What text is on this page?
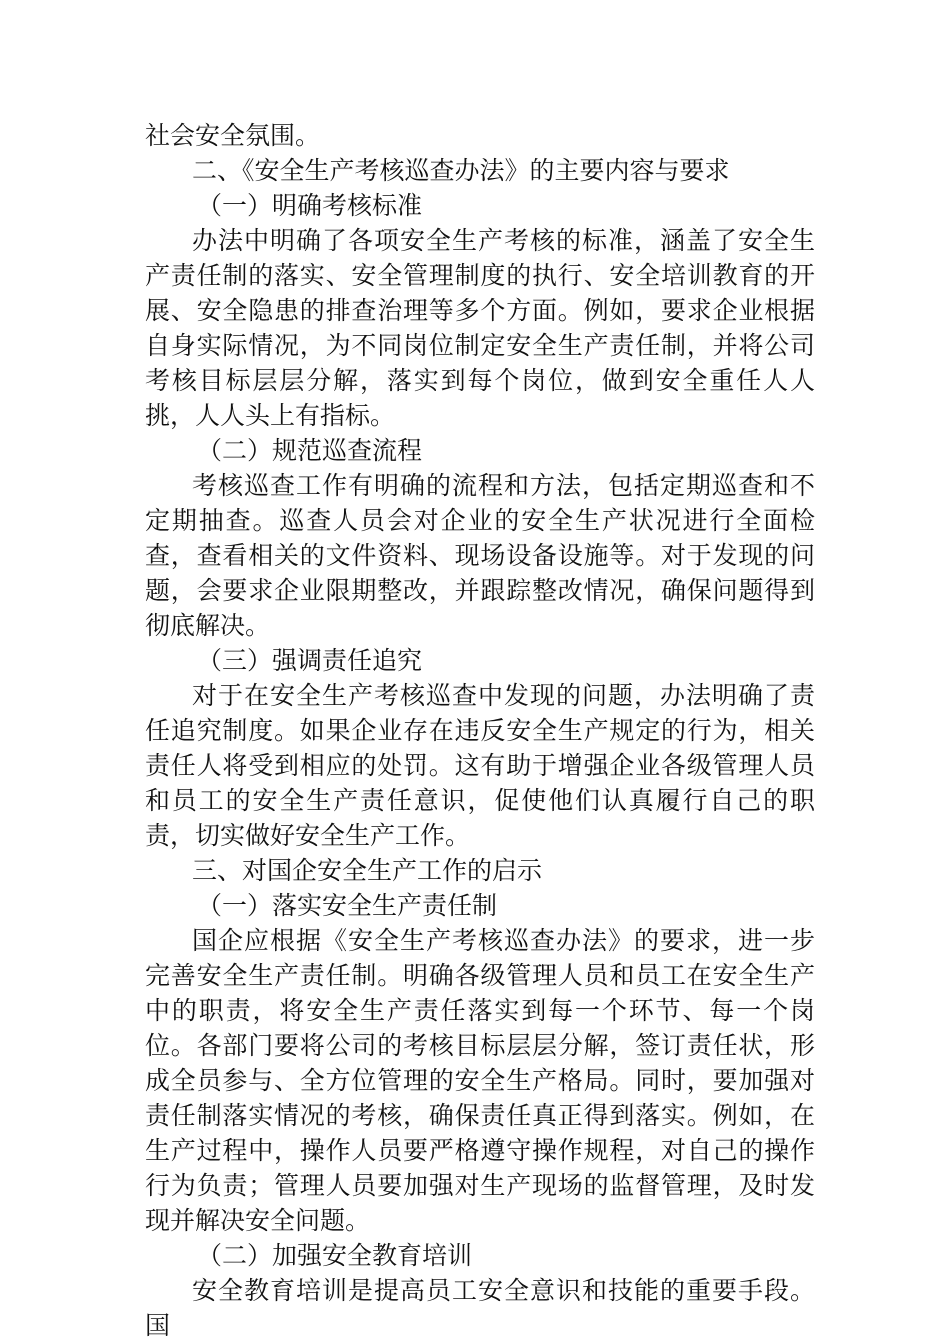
社会安全氛围。

二、《安全生产考核巡查办法》的主要内容与要求

（一）明确考核标准

办法中明确了各项安全生产考核的标准，涵盖了安全生产责任制的落实、安全管理制度的执行、安全培训教育的开展、安全隐患的排查治理等多个方面。例如，要求企业根据自身实际情况，为不同岗位制定安全生产责任制，并将公司考核目标层层分解，落实到每个岗位，做到安全重任人人挑，人人头上有指标。

（二）规范巡查流程

考核巡查工作有明确的流程和方法，包括定期巡查和不定期抽查。巡查人员会对企业的安全生产状况进行全面检查，查看相关的文件资料、现场设备设施等。对于发现的问题，会要求企业限期整改，并跟踪整改情况，确保问题得到彻底解决。

（三）强调责任追究

对于在安全生产考核巡查中发现的问题，办法明确了责任追究制度。如果企业存在违反安全生产规定的行为，相关责任人将受到相应的处罚。这有助于增强企业各级管理人员和员工的安全生产责任意识，促使他们认真履行自己的职责，切实做好安全生产工作。

三、对国企安全生产工作的启示

（一）落实安全生产责任制

国企应根据《安全生产考核巡查办法》的要求，进一步完善安全生产责任制。明确各级管理人员和员工在安全生产中的职责，将安全生产责任落实到每一个环节、每一个岗位。各部门要将公司的考核目标层层分解，签订责任状，形成全员参与、全方位管理的安全生产格局。同时，要加强对责任制落实情况的考核，确保责任真正得到落实。例如，在生产过程中，操作人员要严格遵守操作规程，对自己的操作行为负责；管理人员要加强对生产现场的监督管理，及时发现并解决安全问题。

（二）加强安全教育培训

安全教育培训是提高员工安全意识和技能的重要手段。国
